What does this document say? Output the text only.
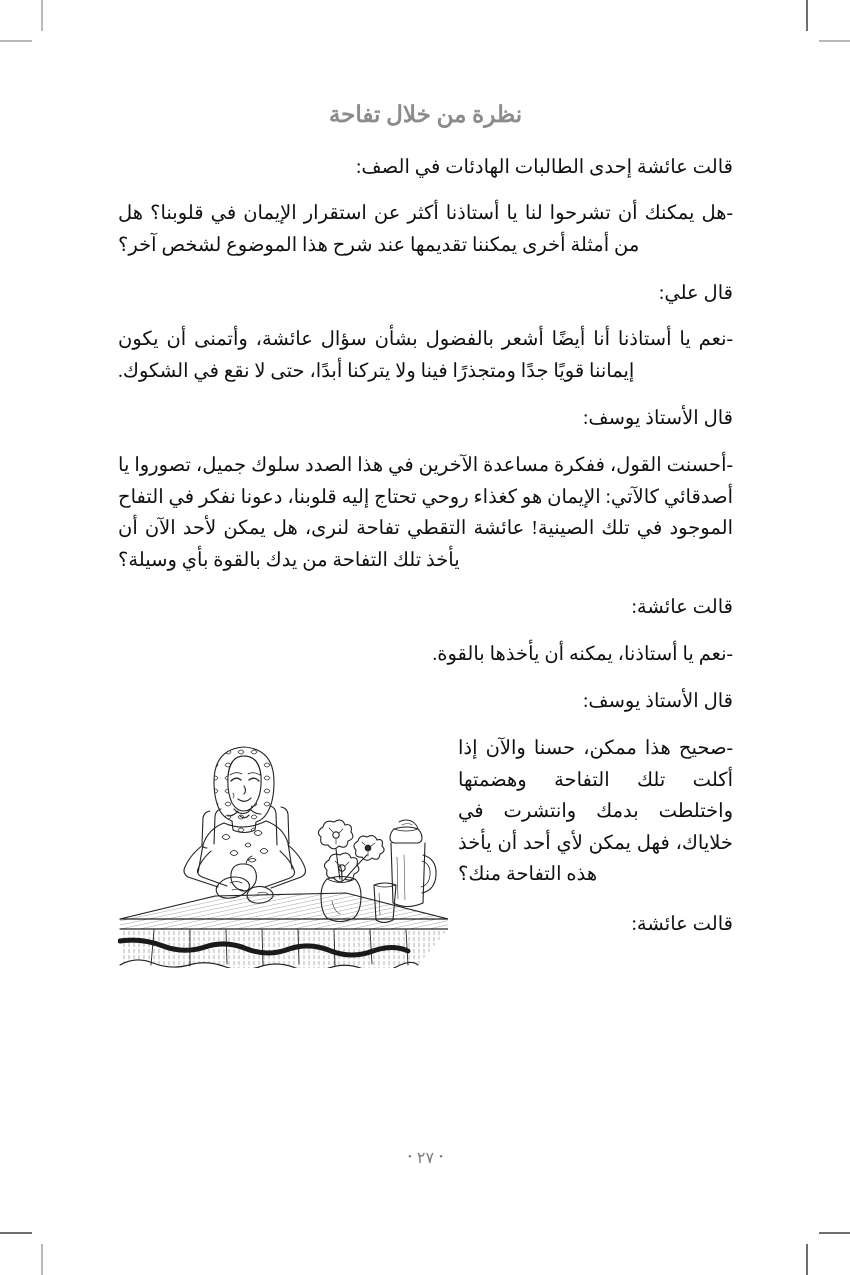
نظرة من خلال تفاحة

قالت عائشة إحدى الطالبات الهادئات في الصف:

-هل يمكنك أن تشرحوا لنا يا أستاذنا أكثر عن استقرار الإيمان في قلوبنا؟ هل من أمثلة أخرى يمكننا تقديمها عند شرح هذا الموضوع لشخص آخر؟

قال علي:

-نعم يا أستاذنا أنا أيضًا أشعر بالفضول بشأن سؤال عائشة، وأتمنى أن يكون إيماننا قويًا جدًا ومتجذرًا فينا ولا يتركنا أبدًا، حتى لا نقع في الشكوك.

قال الأستاذ يوسف:

-أحسنت القول، ففكرة مساعدة الآخرين في هذا الصدد سلوك جميل، تصوروا يا أصدقائي كالآتي: الإيمان هو كغذاء روحي تحتاج إليه قلوبنا، دعونا نفكر في التفاح الموجود في تلك الصينية! عائشة التقطي تفاحة لنرى، هل يمكن لأحد الآن أن يأخذ تلك التفاحة من يدك بالقوة بأي وسيلة؟

قالت عائشة:

-نعم يا أستاذنا، يمكنه أن يأخذها بالقوة.

قال الأستاذ يوسف:

-صحيح هذا ممكن، حسنا والآن إذا أكلت تلك التفاحة وهضمتها واختلطت بدمك وانتشرت في خلاياك، فهل يمكن لأي أحد أن يأخذ هذه التفاحة منك؟

قالت عائشة:

•٢٧•
